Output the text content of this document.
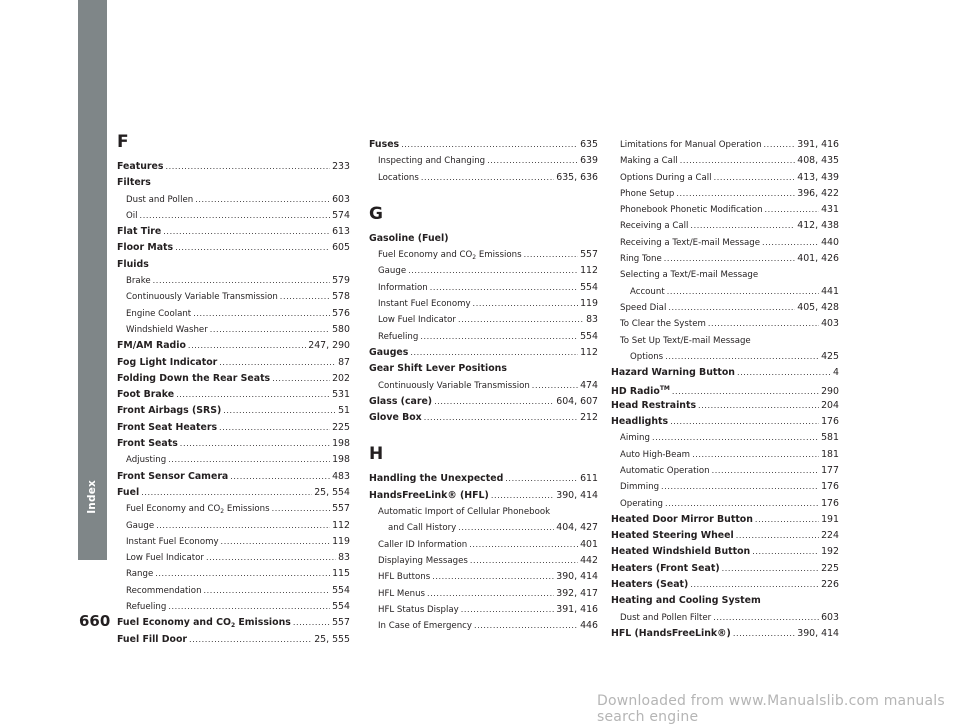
Index
660
F
Features .....	233
Filters
Dust and Pollen .....	603
Oil .....	574
Flat Tire .....	613
Floor Mats .....	605
Fluids
Brake .....	579
Continuously Variable Transmission .....	578
Engine Coolant .....	576
Windshield Washer .....	580
FM/AM Radio .....	247, 290
Fog Light Indicator .....	87
Folding Down the Rear Seats .....	202
Foot Brake .....	531
Front Airbags (SRS) .....	51
Front Seat Heaters .....	225
Front Seats .....	198
Adjusting .....	198
Front Sensor Camera .....	483
Fuel .....	25, 554
Fuel Economy and $CO_2$ Emissions .....	557
Gauge .....	112
Instant Fuel Economy .....	119
Low Fuel Indicator .....	83
Range .....	115
Recommendation .....	554
Refueling .....	554
Fuel Economy and $CO_2$ Emissions .....	557
Fuel Fill Door .....	25, 555
Fuses .....	635
Inspecting and Changing .....	639
Locations .....	635, 636
G
Gasoline (Fuel)
Fuel Economy and $CO_2$ Emissions .....	557
Gauge .....	112
Information .....	554
Instant Fuel Economy .....	119
Low Fuel Indicator .....	83
Refueling .....	554
Gauges .....	112
Gear Shift Lever Positions
Continuously Variable Transmission .....	474
Glass (care) .....	604, 607
Glove Box .....	212
H
Handling the Unexpected .....	611
HandsFreeLink® (HFL) .....	390, 414
Automatic Import of Cellular Phonebook
and Call History .....	404, 427
Caller ID Information .....	401
Displaying Messages .....	442
HFL Buttons .....	390, 414
HFL Menus .....	392, 417
HFL Status Display .....	391, 416
In Case of Emergency .....	446
Limitations for Manual Operation .....	391, 416
Making a Call .....	408, 435
Options During a Call .....	413, 439
Phone Setup .....	396, 422
Phonebook Phonetic Modification .....	431
Receiving a Call .....	412, 438
Receiving a Text/E-mail Message .....	440
Ring Tone .....	401, 426
Selecting a Text/E-mail Message
Account .....	441
Speed Dial .....	405, 428
To Clear the System .....	403
To Set Up Text/E-mail Message
Options .....	425
Hazard Warning Button .....	4
HD Radio™ .....	290
Head Restraints .....	204
Headlights .....	176
Aiming .....	581
Auto High-Beam .....	181
Automatic Operation .....	177
Dimming .....	176
Operating .....	176
Heated Door Mirror Button .....	191
Heated Steering Wheel .....	224
Heated Windshield Button .....	192
Heaters (Front Seat) .....	225
Heaters (Seat) .....	226
Heating and Cooling System
Dust and Pollen Filter .....	603
HFL (HandsFreeLink®) .....	390, 414
Downloaded from www.Manualslib.com manuals search engine
